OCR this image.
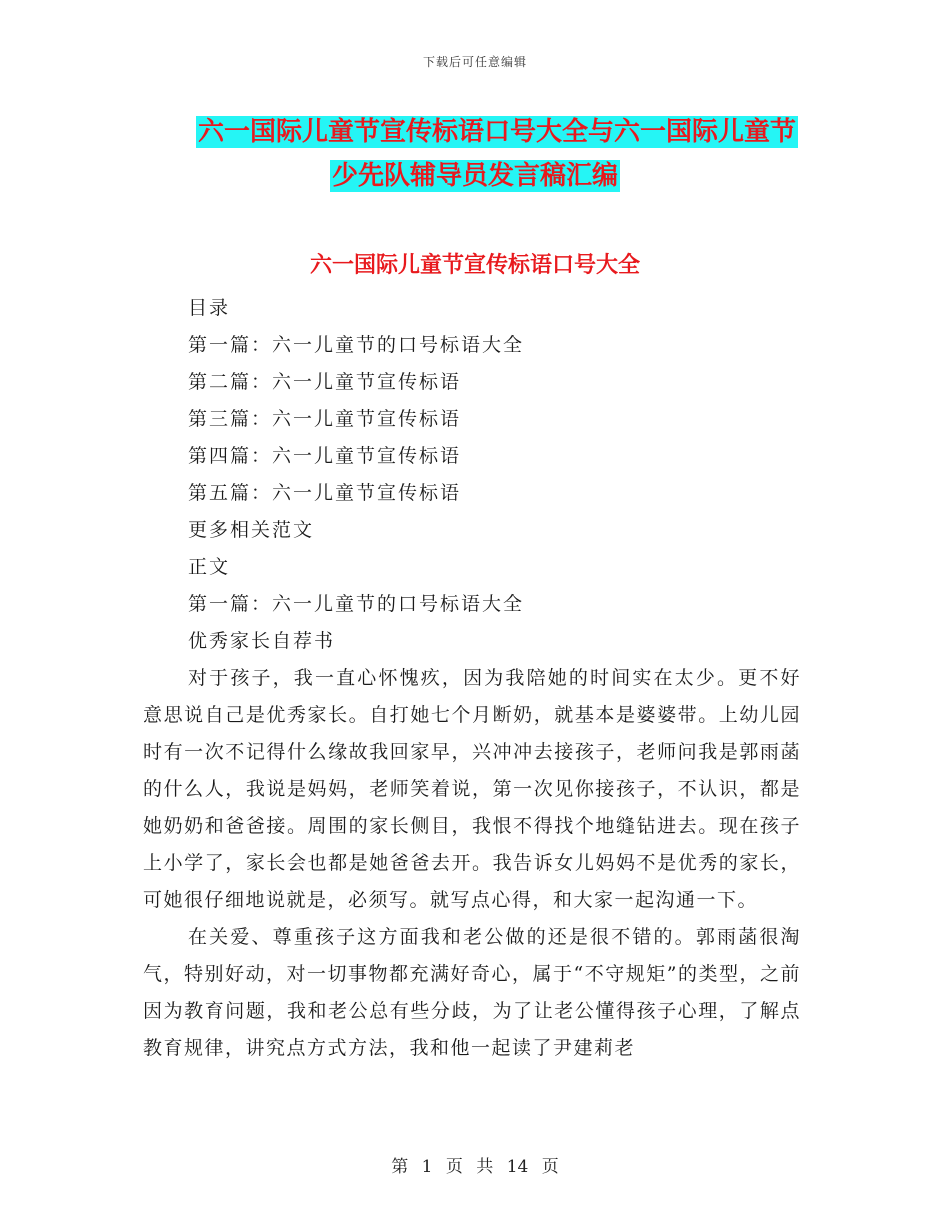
下载后可任意编辑
六一国际儿童节宣传标语口号大全与六一国际儿童节
少先队辅导员发言稿汇编
六一国际儿童节宣传标语口号大全
目录
第一篇：六一儿童节的口号标语大全
第二篇：六一儿童节宣传标语
第三篇：六一儿童节宣传标语
第四篇：六一儿童节宣传标语
第五篇：六一儿童节宣传标语
更多相关范文
正文
第一篇：六一儿童节的口号标语大全
优秀家长自荐书

对于孩子，我一直心怀愧疚，因为我陪她的时间实在太少。更不好意思说自己是优秀家长。自打她七个月断奶，就基本是婆婆带。上幼儿园时有一次不记得什么缘故我回家早，兴冲冲去接孩子，老师问我是郭雨菡的什么人，我说是妈妈，老师笑着说，第一次见你接孩子，不认识，都是她奶奶和爸爸接。周围的家长侧目，我恨不得找个地缝钻进去。现在孩子上小学了，家长会也都是她爸爸去开。我告诉女儿妈妈不是优秀的家长，可她很仔细地说就是，必须写。就写点心得，和大家一起沟通一下。

在关爱、尊重孩子这方面我和老公做的还是很不错的。郭雨菡很淘气，特别好动，对一切事物都充满好奇心，属于“不守规矩”的类型，之前因为教育问题，我和老公总有些分歧，为了让老公懂得孩子心理，了解点教育规律，讲究点方式方法，我和他一起读了尹建莉老

第 1 页 共 14 页
